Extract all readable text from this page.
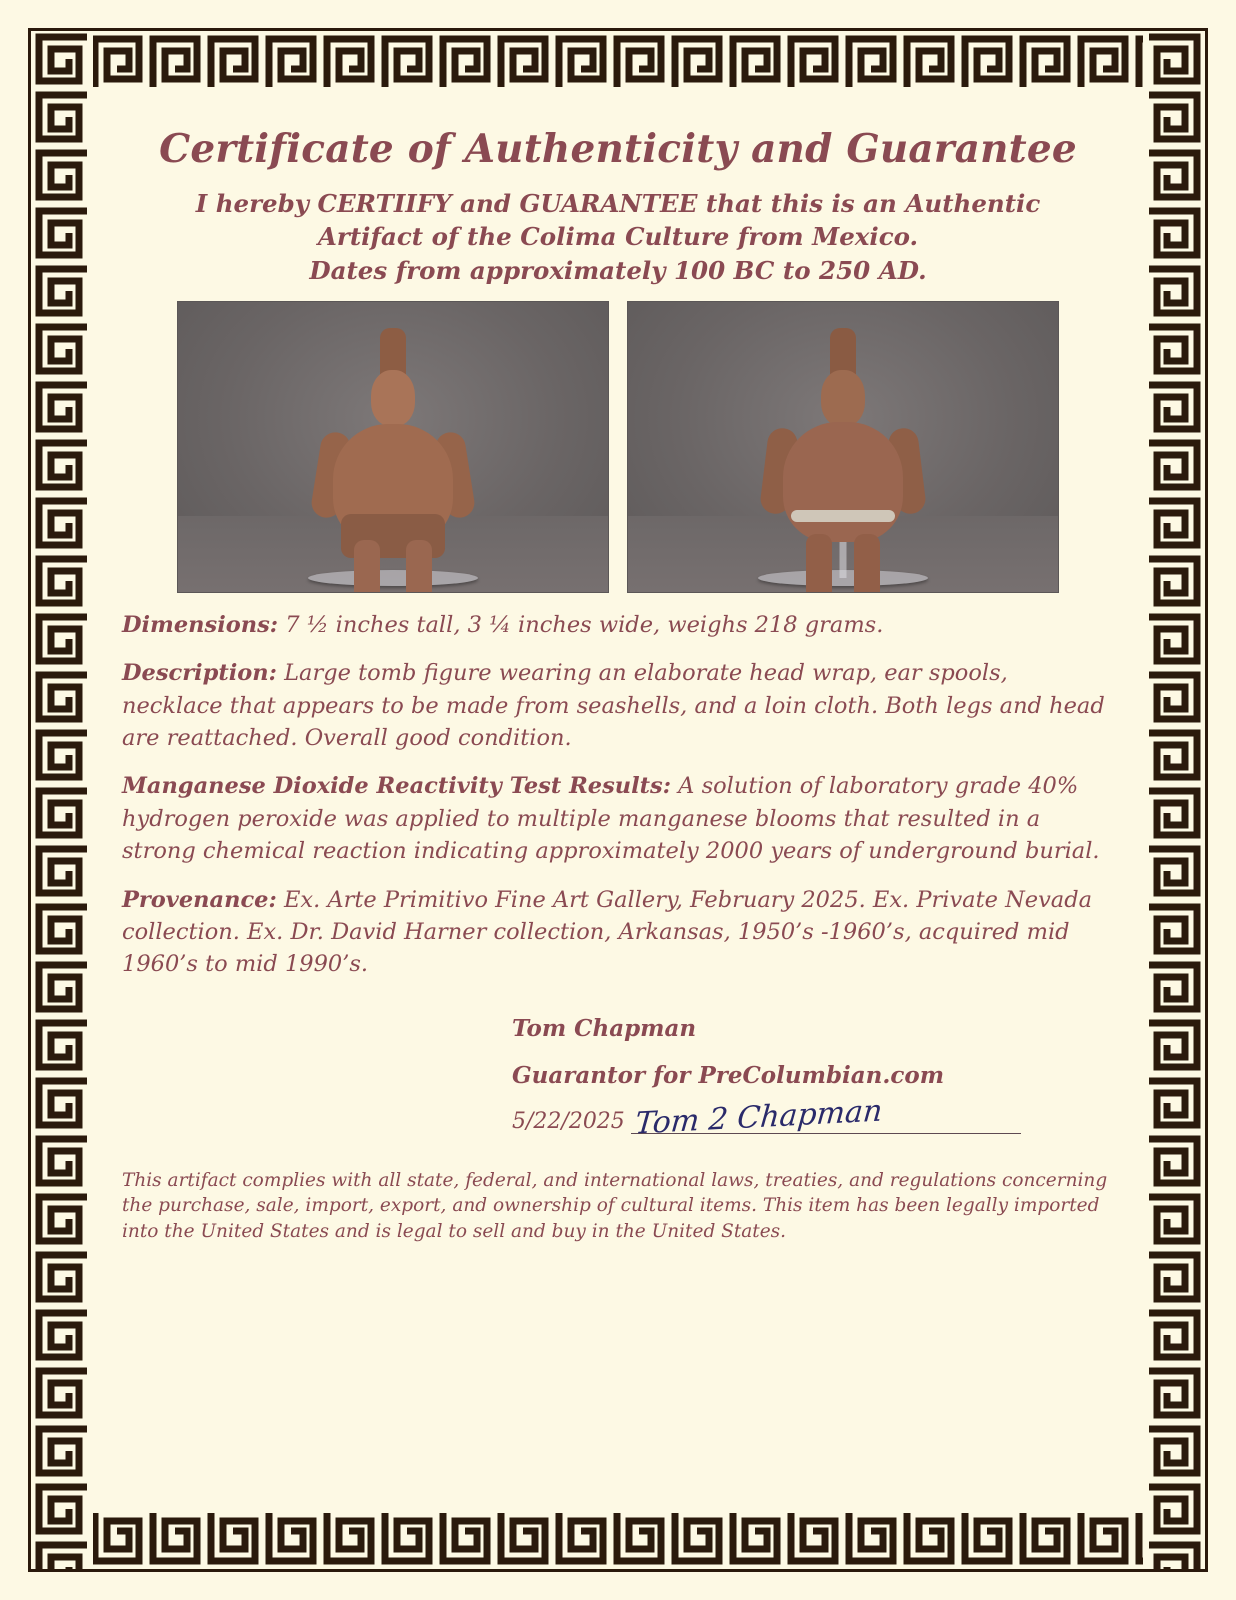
Certificate of Authenticity and Guarantee
I hereby CERTIIFY and GUARANTEE that this is an Authentic
Artifact of the Colima Culture from Mexico.
Dates from approximately 100 BC to 250 AD.

Dimensions: 7 ½ inches tall, 3 ¼ inches wide, weighs 218 grams.

Description: Large tomb figure wearing an elaborate head wrap, ear spools, necklace that appears to be made from seashells, and a loin cloth. Both legs and head are reattached. Overall good condition.

Manganese Dioxide Reactivity Test Results: A solution of laboratory grade 40% hydrogen peroxide was applied to multiple manganese blooms that resulted in a strong chemical reaction indicating approximately 2000 years of underground burial.

Provenance: Ex. Arte Primitivo Fine Art Gallery, February 2025. Ex. Private Nevada collection. Ex. Dr. David Harner collection, Arkansas, 1950’s -1960’s, acquired mid 1960’s to mid 1990’s.

Tom Chapman
Guarantor for PreColumbian.com
5/22/2025 Tom 2 Chapman
This artifact complies with all state, federal, and international laws, treaties, and regulations concerning the purchase, sale, import, export, and ownership of cultural items. This item has been legally imported into the United States and is legal to sell and buy in the United States.
